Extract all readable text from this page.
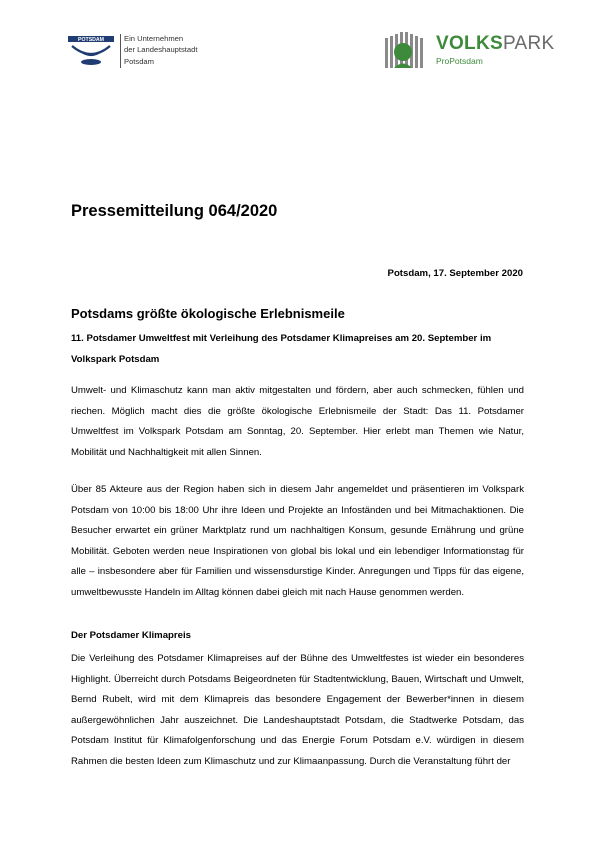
POTSDAM	Ein Unternehmen
der Landeshauptstadt
Potsdam
VOLKSPARK
ProPotsdam
Pressemitteilung 064/2020
Potsdam, 17. September 2020
Potsdams größte ökologische Erlebnismeile
11. Potsdamer Umweltfest mit Verleihung des Potsdamer Klimapreises am 20. September im Volkspark Potsdam
Umwelt- und Klimaschutz kann man aktiv mitgestalten und fördern, aber auch schmecken, fühlen und riechen. Möglich macht dies die größte ökologische Erlebnismeile der Stadt: Das 11. Potsdamer Umweltfest im Volkspark Potsdam am Sonntag, 20. September. Hier erlebt man Themen wie Natur, Mobilität und Nachhaltigkeit mit allen Sinnen.
Über 85 Akteure aus der Region haben sich in diesem Jahr angemeldet und präsentieren im Volkspark Potsdam von 10:00 bis 18:00 Uhr ihre Ideen und Projekte an Infoständen und bei Mitmachaktionen. Die Besucher erwartet ein grüner Marktplatz rund um nachhaltigen Konsum, gesunde Ernährung und grüne Mobilität. Geboten werden neue Inspirationen von global bis lokal und ein lebendiger Informationstag für alle – insbesondere aber für Familien und wissensdurstige Kinder. Anregungen und Tipps für das eigene, umweltbewusste Handeln im Alltag können dabei gleich mit nach Hause genommen werden.
Der Potsdamer Klimapreis
Die Verleihung des Potsdamer Klimapreises auf der Bühne des Umweltfestes ist wieder ein besonderes Highlight. Überreicht durch Potsdams Beigeordneten für Stadtentwicklung, Bauen, Wirtschaft und Umwelt, Bernd Rubelt, wird mit dem Klimapreis das besondere Engagement der Bewerber*innen in diesem außergewöhnlichen Jahr auszeichnet. Die Landeshauptstadt Potsdam, die Stadtwerke Potsdam, das Potsdam Institut für Klimafolgenforschung und das Energie Forum Potsdam e.V. würdigen in diesem Rahmen die besten Ideen zum Klimaschutz und zur Klimaanpassung. Durch die Veranstaltung führt der
